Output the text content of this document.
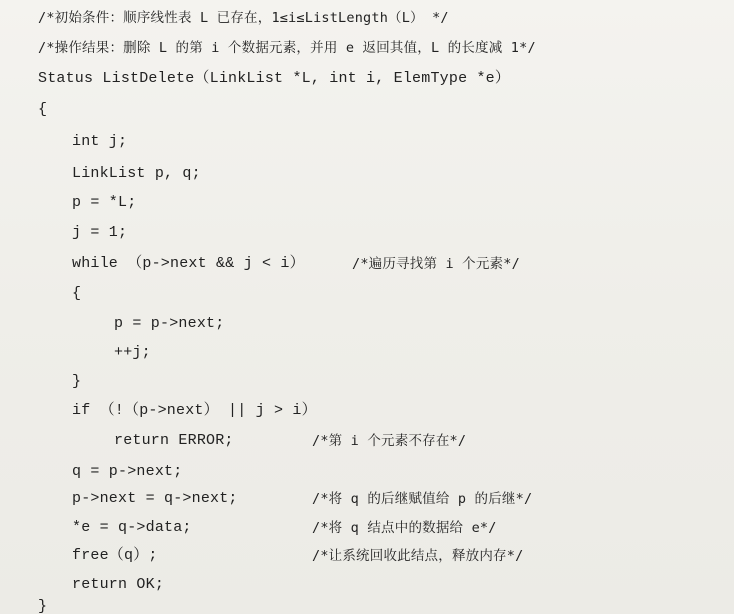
/*初始条件：顺序线性表 L 已存在，1≤i≤ListLength（L） */

/*操作结果：删除 L 的第 i 个数据元素，并用 e 返回其值，L 的长度减 1*/

Status ListDelete（LinkList *L, int i, ElemType *e）

{

int j;

LinkList p, q;

p = *L;

j = 1;

while （p->next && j < i）

	/*遍历寻找第 i 个元素*/

{

p = p->next;

++j;

}

if （!（p->next） || j > i）

return ERROR;

	/*第 i 个元素不存在*/

q = p->next;

p->next = q->next;

	/*将 q 的后继赋值给 p 的后继*/

*e = q->data;

	/*将 q 结点中的数据给 e*/

free（q）;

	/*让系统回收此结点，释放内存*/

return OK;

}
